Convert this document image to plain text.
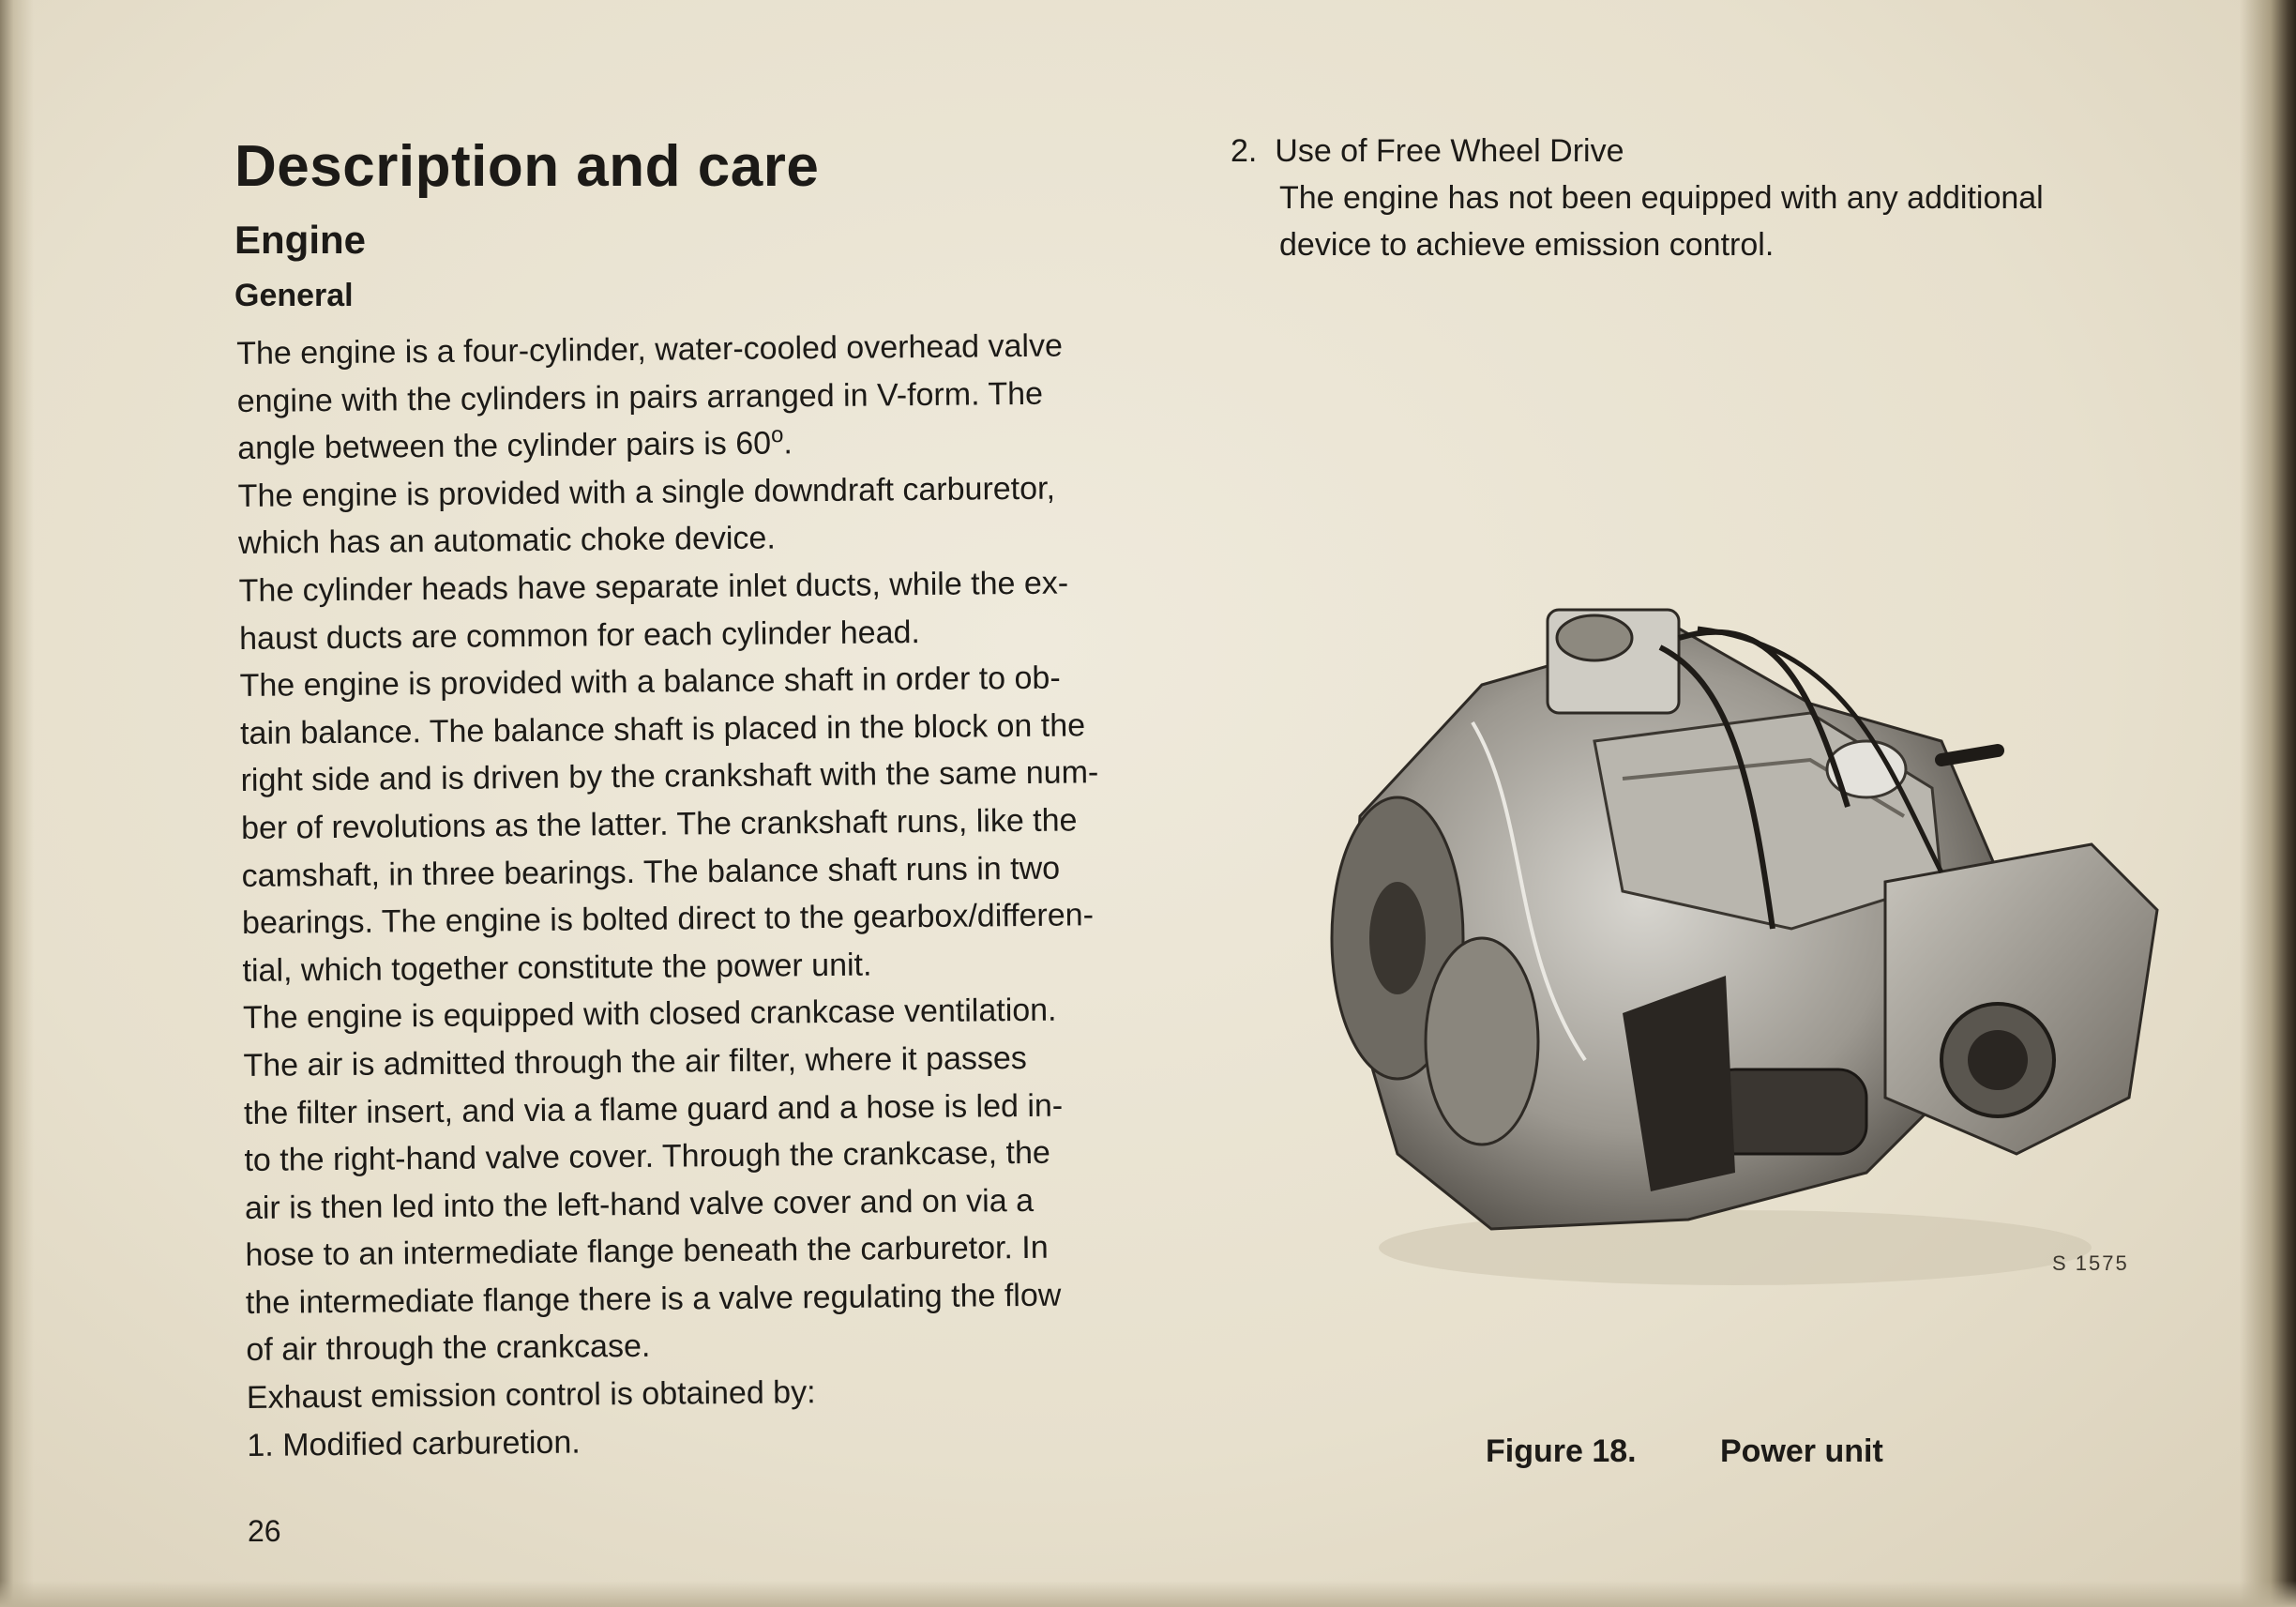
Description and care
Engine
General
The engine is a four-cylinder, water-cooled overhead valve
engine with the cylinders in pairs arranged in V-form. The
angle between the cylinder pairs is 60$^o$.
The engine is provided with a single downdraft carburetor,
which has an automatic choke device.
The cylinder heads have separate inlet ducts, while the ex-
haust ducts are common for each cylinder head.
The engine is provided with a balance shaft in order to ob-
tain balance. The balance shaft is placed in the block on the
right side and is driven by the crankshaft with the same num-
ber of revolutions as the latter. The crankshaft runs, like the
camshaft, in three bearings. The balance shaft runs in two
bearings. The engine is bolted direct to the gearbox/differen-
tial, which together constitute the power unit.
The engine is equipped with closed crankcase ventilation.
The air is admitted through the air filter, where it passes
the filter insert, and via a flame guard and a hose is led in-
to the right-hand valve cover. Through the crankcase, the
air is then led into the left-hand valve cover and on via a
hose to an intermediate flange beneath the carburetor. In
the intermediate flange there is a valve regulating the flow
of air through the crankcase.
Exhaust emission control is obtained by:
1. Modified carburetion.
2. Use of Free Wheel Drive
The engine has not been equipped with any additional
device to achieve emission control.
S 1575
Figure 18.	Power unit
26
